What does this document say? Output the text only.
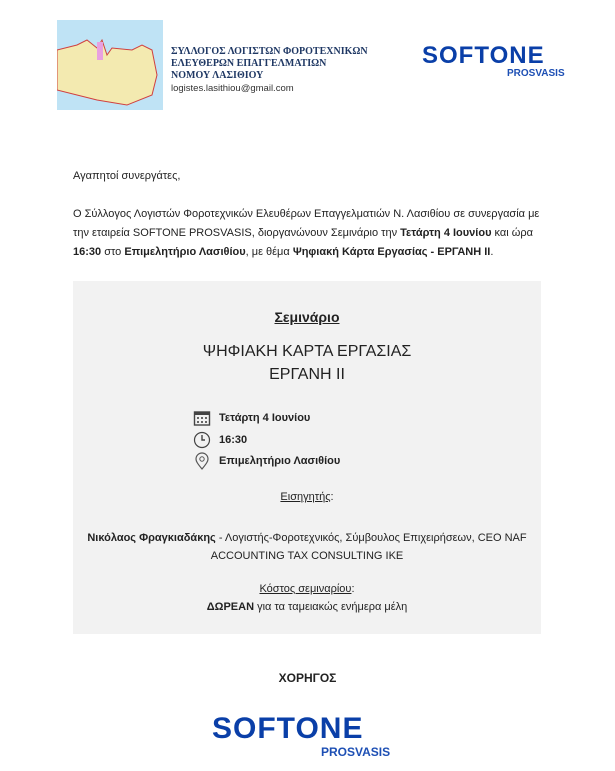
ΣΥΛΛΟΓΟΣ ΛΟΓΙΣΤΩΝ ΦΟΡΟΤΕΧΝΙΚΩΝ
ΕΛΕΥΘΕΡΩΝ ΕΠΑΓΓΕΛΜΑΤΙΩΝ
ΝΟΜΟΥ ΛΑΣΙΘΙΟΥ
logistes.lasithiou@gmail.com
SOFTONE
PROSVASIS

Αγαπητοί συνεργάτες,

Ο Σύλλογος Λογιστών Φοροτεχνικών Ελευθέρων Επαγγελματιών Ν. Λασιθίου σε συνεργασία με την εταιρεία SOFTONE PROSVASIS, διοργανώνουν Σεμινάριο την Τετάρτη 4 Ιουνίου και ώρα 16:30 στο Επιμελητήριο Λασιθίου, με θέμα Ψηφιακή Κάρτα Εργασίας - ΕΡΓΑΝΗ ΙΙ.

Σεμινάριο
ΨΗΦΙΑΚΗ ΚΑΡΤΑ ΕΡΓΑΣΙΑΣ
ΕΡΓΑΝΗ ΙΙ
Τετάρτη 4 Ιουνίου
16:30
Επιμελητήριο Λασιθίου
Εισηγητής:
Νικόλαος Φραγκιαδάκης - Λογιστής-Φοροτεχνικός, Σύμβουλος Επιχειρήσεων, CEO NAF
ACCOUNTING TAX CONSULTING IKE
Κόστος σεμιναρίου:
ΔΩΡΕΑΝ για τα ταμειακώς ενήμερα μέλη
ΧΟΡΗΓΟΣ
SOFTONE
PROSVASIS
